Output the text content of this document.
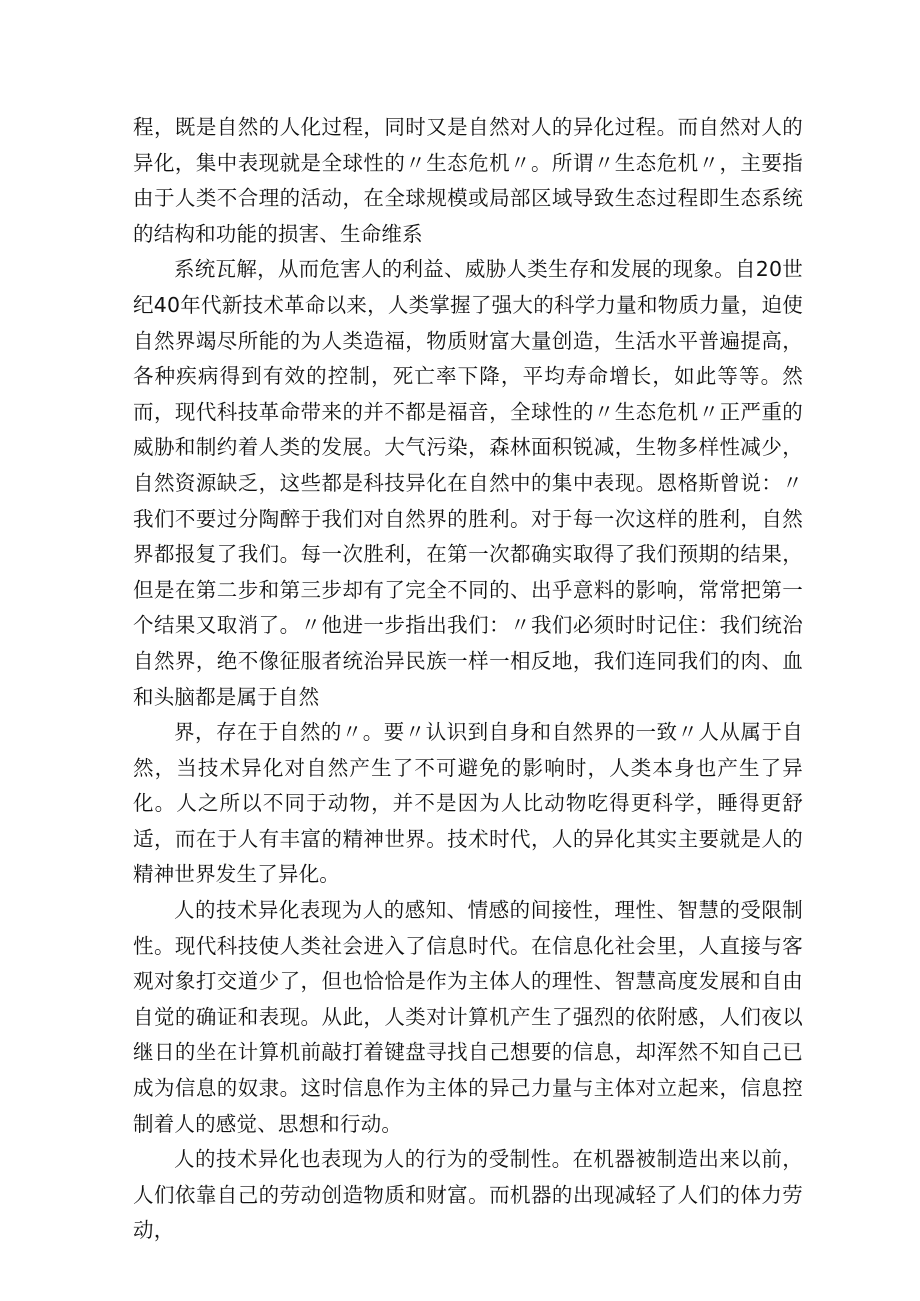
程，既是自然的人化过程，同时又是自然对人的异化过程。而自然对人的异化，集中表现就是全球性的〃生态危机〃。所谓〃生态危机〃，主要指由于人类不合理的活动，在全球规模或局部区域导致生态过程即生态系统的结构和功能的损害、生命维系

系统瓦解，从而危害人的利益、威胁人类生存和发展的现象。自20世纪40年代新技术革命以来，人类掌握了强大的科学力量和物质力量，迫使自然界竭尽所能的为人类造福，物质财富大量创造，生活水平普遍提高，各种疾病得到有效的控制，死亡率下降，平均寿命增长，如此等等。然而，现代科技革命带来的并不都是福音，全球性的〃生态危机〃正严重的威胁和制约着人类的发展。大气污染，森林面积锐减，生物多样性减少，自然资源缺乏，这些都是科技异化在自然中的集中表现。恩格斯曾说：〃我们不要过分陶醉于我们对自然界的胜利。对于每一次这样的胜利，自然界都报复了我们。每一次胜利，在第一次都确实取得了我们预期的结果，但是在第二步和第三步却有了完全不同的、出乎意料的影响，常常把第一个结果又取消了。〃他进一步指出我们：〃我们必须时时记住：我们统治自然界，绝不像征服者统治异民族一样一相反地，我们连同我们的肉、血和头脑都是属于自然

界，存在于自然的〃。要〃认识到自身和自然界的一致〃人从属于自然，当技术异化对自然产生了不可避免的影响时，人类本身也产生了异化。人之所以不同于动物，并不是因为人比动物吃得更科学，睡得更舒适，而在于人有丰富的精神世界。技术时代，人的异化其实主要就是人的精神世界发生了异化。

人的技术异化表现为人的感知、情感的间接性，理性、智慧的受限制性。现代科技使人类社会进入了信息时代。在信息化社会里，人直接与客观对象打交道少了，但也恰恰是作为主体人的理性、智慧高度发展和自由自觉的确证和表现。从此，人类对计算机产生了强烈的依附感，人们夜以继日的坐在计算机前敲打着键盘寻找自己想要的信息，却浑然不知自己已成为信息的奴隶。这时信息作为主体的异己力量与主体对立起来，信息控制着人的感觉、思想和行动。

人的技术异化也表现为人的行为的受制性。在机器被制造出来以前，人们依靠自己的劳动创造物质和财富。而机器的出现减轻了人们的体力劳动，
